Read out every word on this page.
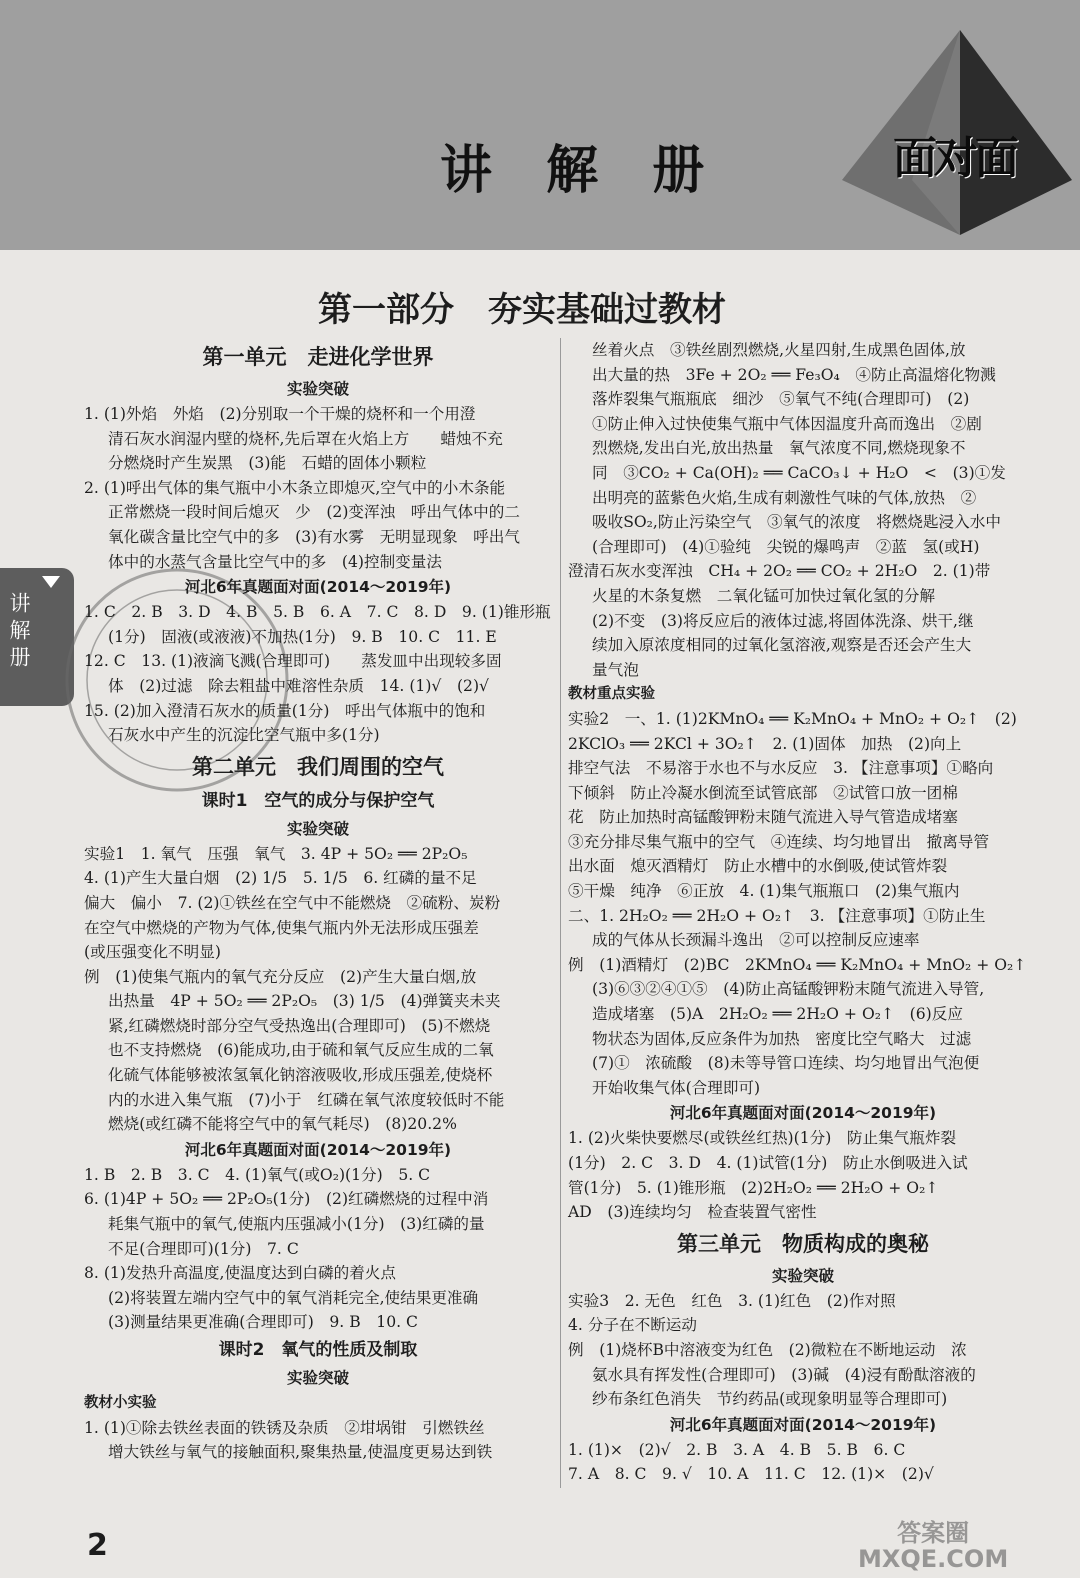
讲 解 册	面对面
第一部分　夯实基础过教材
讲解册

第一单元　走进化学世界

实验突破

1. (1)外焰　外焰　(2)分别取一个干燥的烧杯和一个用澄

清石灰水润湿内壁的烧杯,先后罩在火焰上方　　蜡烛不充

分燃烧时产生炭黑　(3)能　石蜡的固体小颗粒

2. (1)呼出气体的集气瓶中小木条立即熄灭,空气中的小木条能

正常燃烧一段时间后熄灭　少　(2)变浑浊　呼出气体中的二

氧化碳含量比空气中的多　(3)有水雾　无明显现象　呼出气

体中的水蒸气含量比空气中的多　(4)控制变量法

河北6年真题面对面(2014～2019年)

1. C　2. B　3. D　4. B　5. B　6. A　7. C　8. D　9. (1)锥形瓶

(1分)　固液(或液液)不加热(1分)　9. B　10. C　11. E

12. C　13. (1)液滴飞溅(合理即可)　　蒸发皿中出现较多固

体　(2)过滤　除去粗盐中难溶性杂质　14. (1)√　(2)√

15. (2)加入澄清石灰水的质量(1分)　呼出气体瓶中的饱和

石灰水中产生的沉淀比空气瓶中多(1分)

第二单元　我们周围的空气

课时1　空气的成分与保护空气

实验突破

实验1　1. 氧气　压强　氧气　3. 4P + 5O₂ ══ 2P₂O₅

4. (1)产生大量白烟　(2) 1/5　5. 1/5　6. 红磷的量不足

偏大　偏小　7. (2)①铁丝在空气中不能燃烧　②硫粉、炭粉

在空气中燃烧的产物为气体,使集气瓶内外无法形成压强差

(或压强变化不明显)

例　(1)使集气瓶内的氧气充分反应　(2)产生大量白烟,放

出热量　4P + 5O₂ ══ 2P₂O₅　(3) 1/5　(4)弹簧夹未夹

紧,红磷燃烧时部分空气受热逸出(合理即可)　(5)不燃烧

也不支持燃烧　(6)能成功,由于硫和氧气反应生成的二氧

化硫气体能够被浓氢氧化钠溶液吸收,形成压强差,使烧杯

内的水进入集气瓶　(7)小于　红磷在氧气浓度较低时不能

燃烧(或红磷不能将空气中的氧气耗尽)　(8)20.2%

河北6年真题面对面(2014～2019年)

1. B　2. B　3. C　4. (1)氧气(或O₂)(1分)　5. C

6. (1)4P + 5O₂ ══ 2P₂O₅(1分)　(2)红磷燃烧的过程中消

耗集气瓶中的氧气,使瓶内压强减小(1分)　(3)红磷的量

不足(合理即可)(1分)　7. C

8. (1)发热升高温度,使温度达到白磷的着火点

(2)将装置左端内空气中的氧气消耗完全,使结果更准确

(3)测量结果更准确(合理即可)　9. B　10. C

课时2　氧气的性质及制取

实验突破

教材小实验

1. (1)①除去铁丝表面的铁锈及杂质　②坩埚钳　引燃铁丝

增大铁丝与氧气的接触面积,聚集热量,使温度更易达到铁

丝着火点　③铁丝剧烈燃烧,火星四射,生成黑色固体,放

出大量的热　3Fe + 2O₂ ══ Fe₃O₄　④防止高温熔化物溅

落炸裂集气瓶瓶底　细沙　⑤氧气不纯(合理即可)　(2)

①防止伸入过快使集气瓶中气体因温度升高而逸出　②剧

烈燃烧,发出白光,放出热量　氧气浓度不同,燃烧现象不

同　③CO₂ + Ca(OH)₂ ══ CaCO₃↓ + H₂O　<　(3)①发

出明亮的蓝紫色火焰,生成有刺激性气味的气体,放热　②

吸收SO₂,防止污染空气　③氧气的浓度　将燃烧匙浸入水中

(合理即可)　(4)①验纯　尖锐的爆鸣声　②蓝　氢(或H)

澄清石灰水变浑浊　CH₄ + 2O₂ ══ CO₂ + 2H₂O　2. (1)带

火星的木条复燃　二氧化锰可加快过氧化氢的分解

(2)不变　(3)将反应后的液体过滤,将固体洗涤、烘干,继

续加入原浓度相同的过氧化氢溶液,观察是否还会产生大

量气泡

教材重点实验

实验2　一、1. (1)2KMnO₄ ══ K₂MnO₄ + MnO₂ + O₂↑　(2)

2KClO₃ ══ 2KCl + 3O₂↑　2. (1)固体　加热　(2)向上

排空气法　不易溶于水也不与水反应　3. 【注意事项】①略向

下倾斜　防止冷凝水倒流至试管底部　②试管口放一团棉

花　防止加热时高锰酸钾粉末随气流进入导气管造成堵塞

③充分排尽集气瓶中的空气　④连续、均匀地冒出　撤离导管

出水面　熄灭酒精灯　防止水槽中的水倒吸,使试管炸裂

⑤干燥　纯净　⑥正放　4. (1)集气瓶瓶口　(2)集气瓶内

二、1. 2H₂O₂ ══ 2H₂O + O₂↑　3. 【注意事项】①防止生

成的气体从长颈漏斗逸出　②可以控制反应速率

例　(1)酒精灯　(2)BC　2KMnO₄ ══ K₂MnO₄ + MnO₂ + O₂↑

(3)⑥③②④①⑤　(4)防止高锰酸钾粉末随气流进入导管,

造成堵塞　(5)A　2H₂O₂ ══ 2H₂O + O₂↑　(6)反应

物状态为固体,反应条件为加热　密度比空气略大　过滤

(7)①　浓硫酸　(8)未等导管口连续、均匀地冒出气泡便

开始收集气体(合理即可)

河北6年真题面对面(2014～2019年)

1. (2)火柴快要燃尽(或铁丝红热)(1分)　防止集气瓶炸裂

(1分)　2. C　3. D　4. (1)试管(1分)　防止水倒吸进入试

管(1分)　5. (1)锥形瓶　(2)2H₂O₂ ══ 2H₂O + O₂↑

AD　(3)连续均匀　检查装置气密性

第三单元　物质构成的奥秘

实验突破

实验3　2. 无色　红色　3. (1)红色　(2)作对照

4. 分子在不断运动

例　(1)烧杯B中溶液变为红色　(2)微粒在不断地运动　浓

氨水具有挥发性(合理即可)　(3)碱　(4)浸有酚酞溶液的

纱布条红色消失　节约药品(或现象明显等合理即可)

河北6年真题面对面(2014～2019年)

1. (1)×　(2)√　2. B　3. A　4. B　5. B　6. C

7. A　8. C　9. √　10. A　11. C　12. (1)×　(2)√

2	答案圈
MXQE.COM
